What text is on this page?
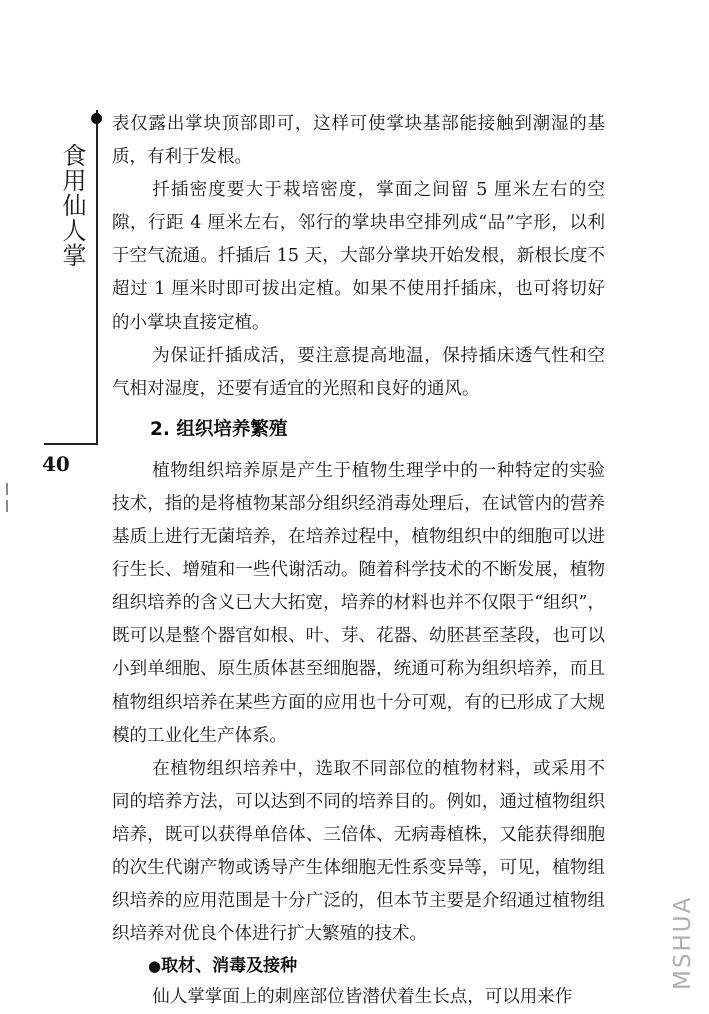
食用仙人掌
40

表仅露出掌块顶部即可，这样可使掌块基部能接触到潮湿的基质，有利于发根。

扦插密度要大于栽培密度，掌面之间留 5 厘米左右的空隙，行距 4 厘米左右，邻行的掌块串空排列成“品”字形，以利于空气流通。扦插后 15 天，大部分掌块开始发根，新根长度不超过 1 厘米时即可拔出定植。如果不使用扦插床，也可将切好的小掌块直接定植。

为保证扦插成活，要注意提高地温，保持插床透气性和空气相对湿度，还要有适宜的光照和良好的通风。

2. 组织培养繁殖

植物组织培养原是产生于植物生理学中的一种特定的实验技术，指的是将植物某部分组织经消毒处理后，在试管内的营养基质上进行无菌培养，在培养过程中，植物组织中的细胞可以进行生长、增殖和一些代谢活动。随着科学技术的不断发展，植物组织培养的含义已大大拓宽，培养的材料也并不仅限于“组织”，既可以是整个器官如根、叶、芽、花器、幼胚甚至茎段，也可以小到单细胞、原生质体甚至细胞器，统通可称为组织培养，而且植物组织培养在某些方面的应用也十分可观，有的已形成了大规模的工业化生产体系。

在植物组织培养中，选取不同部位的植物材料，或采用不同的培养方法，可以达到不同的培养目的。例如，通过植物组织培养，既可以获得单倍体、三倍体、无病毒植株，又能获得细胞的次生代谢产物或诱导产生体细胞无性系变异等，可见，植物组织培养的应用范围是十分广泛的，但本节主要是介绍通过植物组织培养对优良个体进行扩大繁殖的技术。

●取材、消毒及接种

仙人掌掌面上的刺座部位皆潜伏着生长点，可以用来作

MSHUA
